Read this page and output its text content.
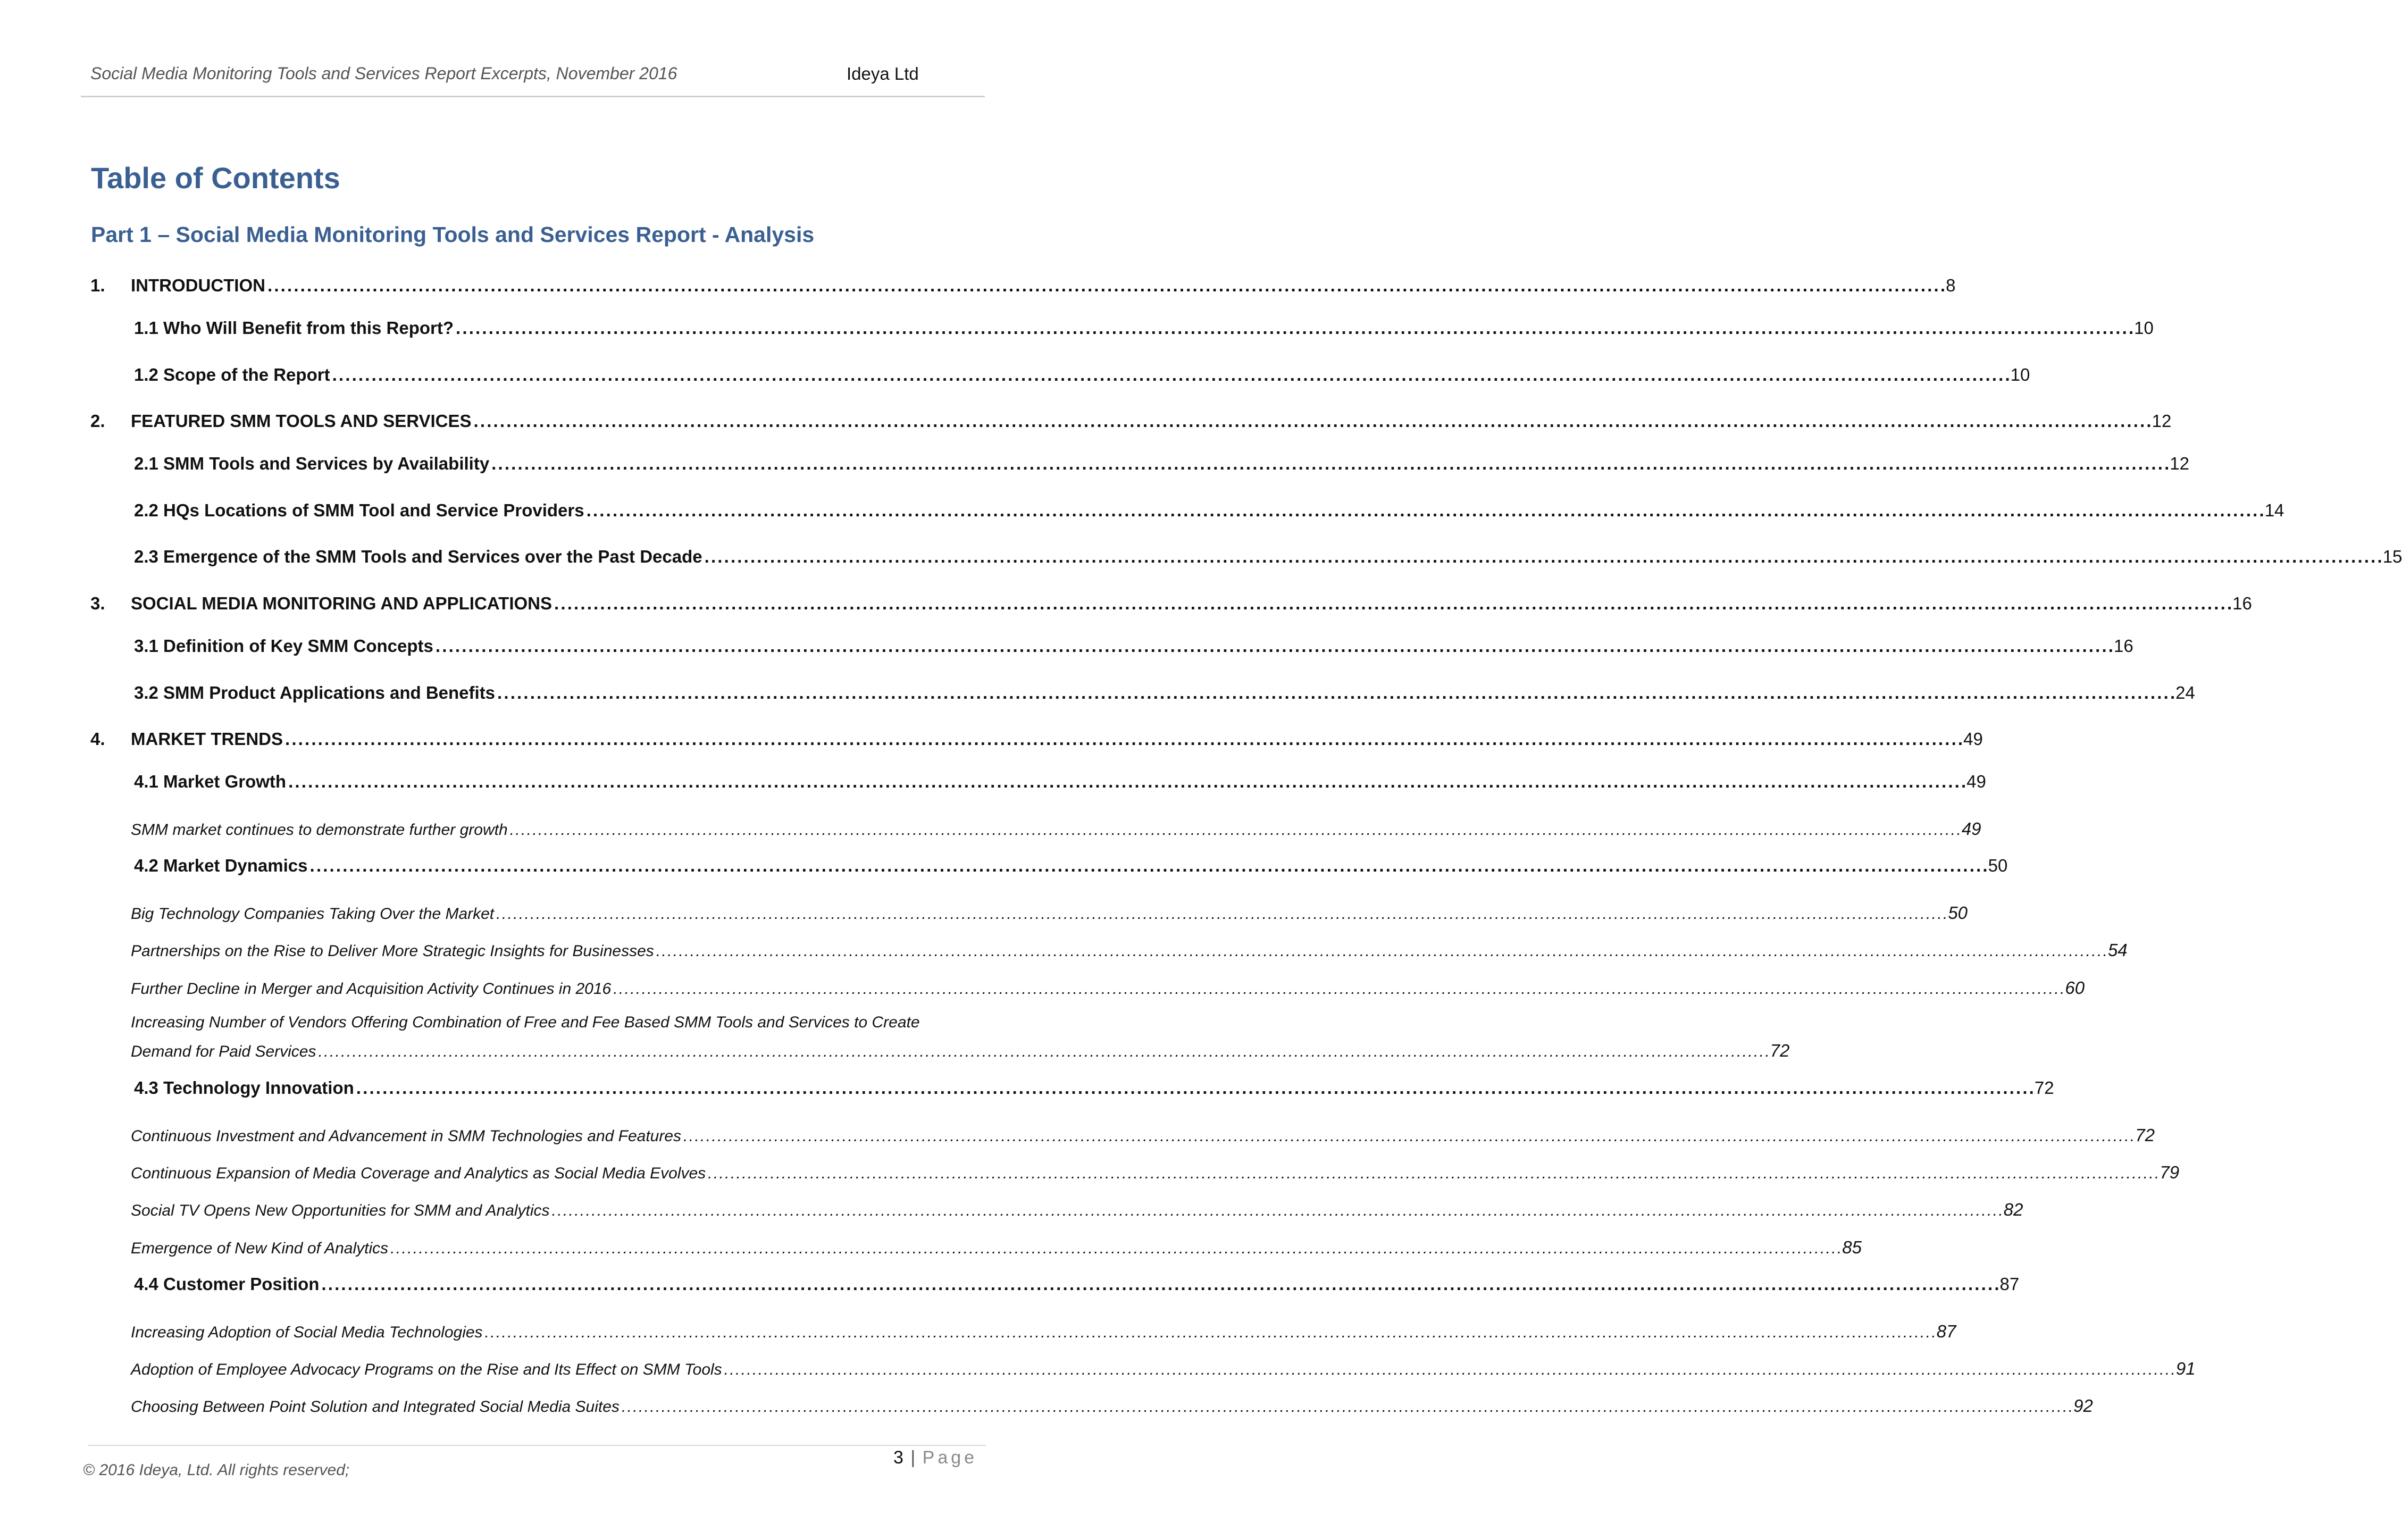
Social Media Monitoring Tools and Services Report Excerpts, November 2016	Ideya Ltd
Table of Contents
Part 1 – Social Media Monitoring Tools and Services Report - Analysis
1. INTRODUCTION . . .	8
1.1 Who Will Benefit from this Report? . . .	10
1.2 Scope of the Report . . .	10
2. FEATURED SMM TOOLS AND SERVICES . . .	12
2.1 SMM Tools and Services by Availability . . .	12
2.2 HQs Locations of SMM Tool and Service Providers . . .	14
2.3 Emergence of the SMM Tools and Services over the Past Decade . . .	15
3. SOCIAL MEDIA MONITORING AND APPLICATIONS . . .	16
3.1 Definition of Key SMM Concepts . . .	16
3.2 SMM Product Applications and Benefits . . .	24
4. MARKET TRENDS . . .	49
4.1 Market Growth . . .	49
SMM market continues to demonstrate further growth . . .	49
4.2 Market Dynamics . . .	50
Big Technology Companies Taking Over the Market . . .	50
Partnerships on the Rise to Deliver More Strategic Insights for Businesses . . .	54
Further Decline in Merger and Acquisition Activity Continues in 2016 . . .	60
Increasing Number of Vendors Offering Combination of Free and Fee Based SMM Tools and Services to Create
Demand for Paid Services . . .	72
4.3 Technology Innovation . . .	72
Continuous Investment and Advancement in SMM Technologies and Features . . .	72
Continuous Expansion of Media Coverage and Analytics as Social Media Evolves . . .	79
Social TV Opens New Opportunities for SMM and Analytics . . .	82
Emergence of New Kind of Analytics . . .	85
4.4 Customer Position . . .	87
Increasing Adoption of Social Media Technologies . . .	87
Adoption of Employee Advocacy Programs on the Rise and Its Effect on SMM Tools . . .	91
Choosing Between Point Solution and Integrated Social Media Suites . . .	92
© 2016 Ideya, Ltd. All rights reserved;
3 | Page
